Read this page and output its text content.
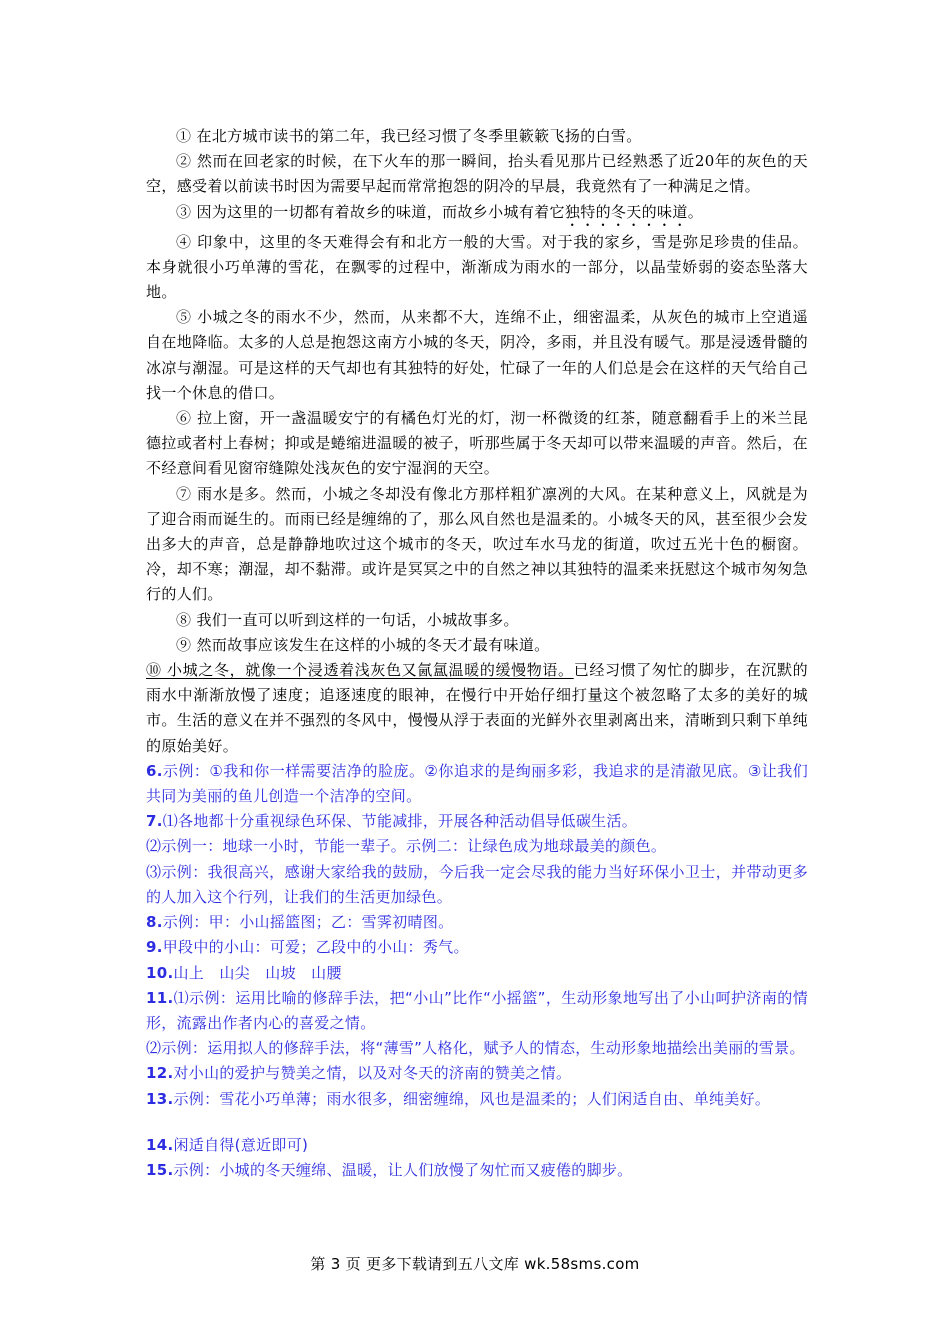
① 在北方城市读书的第二年，我已经习惯了冬季里簌簌飞扬的白雪。

② 然而在回老家的时候，在下火车的那一瞬间，抬头看见那片已经熟悉了近20年的灰色的天空，感受着以前读书时因为需要早起而常常抱怨的阴冷的早晨，我竟然有了一种满足之情。

③ 因为这里的一切都有着故乡的味道，而故乡小城有着它独特的冬天的味道。

④ 印象中，这里的冬天难得会有和北方一般的大雪。对于我的家乡，雪是弥足珍贵的佳品。本身就很小巧单薄的雪花，在飘零的过程中，渐渐成为雨水的一部分，以晶莹娇弱的姿态坠落大地。

⑤ 小城之冬的雨水不少，然而，从来都不大，连绵不止，细密温柔，从灰色的城市上空逍遥自在地降临。太多的人总是抱怨这南方小城的冬天，阴冷，多雨，并且没有暖气。那是浸透骨髓的冰凉与潮湿。可是这样的天气却也有其独特的好处，忙碌了一年的人们总是会在这样的天气给自己找一个休息的借口。

⑥ 拉上窗，开一盏温暖安宁的有橘色灯光的灯，沏一杯微烫的红茶，随意翻看手上的米兰昆德拉或者村上春树；抑或是蜷缩进温暖的被子，听那些属于冬天却可以带来温暖的声音。然后，在不经意间看见窗帘缝隙处浅灰色的安宁湿润的天空。

⑦ 雨水是多。然而，小城之冬却没有像北方那样粗犷凛冽的大风。在某种意义上，风就是为了迎合雨而诞生的。而雨已经是缠绵的了，那么风自然也是温柔的。小城冬天的风，甚至很少会发出多大的声音，总是静静地吹过这个城市的冬天，吹过车水马龙的街道，吹过五光十色的橱窗。冷，却不寒；潮湿，却不黏滞。或许是冥冥之中的自然之神以其独特的温柔来抚慰这个城市匆匆急行的人们。

⑧ 我们一直可以听到这样的一句话，小城故事多。

⑨ 然而故事应该发生在这样的小城的冬天才最有味道。

⑩ 小城之冬，就像一个浸透着浅灰色又氤氲温暖的缓慢物语。已经习惯了匆忙的脚步，在沉默的雨水中渐渐放慢了速度；追逐速度的眼神，在慢行中开始仔细打量这个被忽略了太多的美好的城市。生活的意义在并不强烈的冬风中，慢慢从浮于表面的光鲜外衣里剥离出来，清晰到只剩下单纯的原始美好。

6.示例：①我和你一样需要洁净的脸庞。②你追求的是绚丽多彩，我追求的是清澈见底。③让我们共同为美丽的鱼儿创造一个洁净的空间。

7.⑴各地都十分重视绿色环保、节能减排，开展各种活动倡导低碳生活。

⑵示例一：地球一小时，节能一辈子。示例二：让绿色成为地球最美的颜色。

⑶示例：我很高兴，感谢大家给我的鼓励，今后我一定会尽我的能力当好环保小卫士，并带动更多的人加入这个行列，让我们的生活更加绿色。

8.示例：甲：小山摇篮图；乙：雪霁初晴图。

9.甲段中的小山：可爱；乙段中的小山：秀气。

10.山上　山尖　山坡　山腰

11.⑴示例：运用比喻的修辞手法，把“小山”比作“小摇篮”，生动形象地写出了小山呵护济南的情形，流露出作者内心的喜爱之情。

⑵示例：运用拟人的修辞手法，将“薄雪”人格化，赋予人的情态，生动形象地描绘出美丽的雪景。

12.对小山的爱护与赞美之情，以及对冬天的济南的赞美之情。

13.示例：雪花小巧单薄；雨水很多，细密缠绵，风也是温柔的；人们闲适自由、单纯美好。

14.闲适自得(意近即可)

15.示例：小城的冬天缠绵、温暖，让人们放慢了匆忙而又疲倦的脚步。

第 3 页 更多下载请到五八文库 wk.58sms.com
